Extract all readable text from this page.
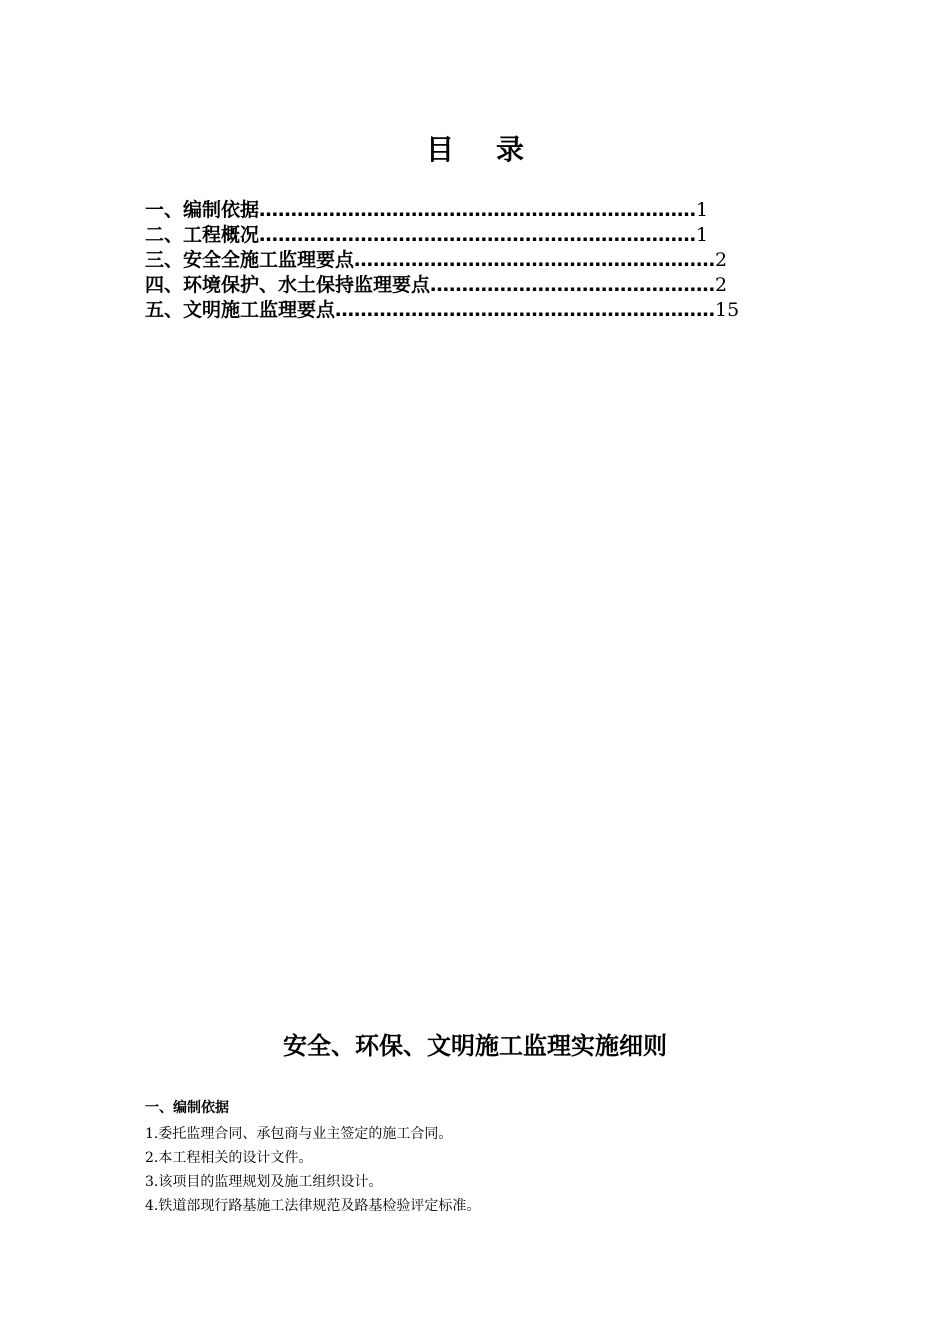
目 录
一、编制依据 …………………………………………………………… 1
二、工程概况 …………………………………………………………… 1
三、安全全施工监理要点 ………………………………………………… 2
四、环境保护、水土保持监理要点 ……………………………………… 2
五、文明施工监理要点 …………………………………………………… 15
安全、环保、文明施工监理实施细则
一、编制依据
1.委托监理合同、承包商与业主签定的施工合同。
2.本工程相关的设计文件。
3.该项目的监理规划及施工组织设计。
4.铁道部现行路基施工法律规范及路基检验评定标准。
